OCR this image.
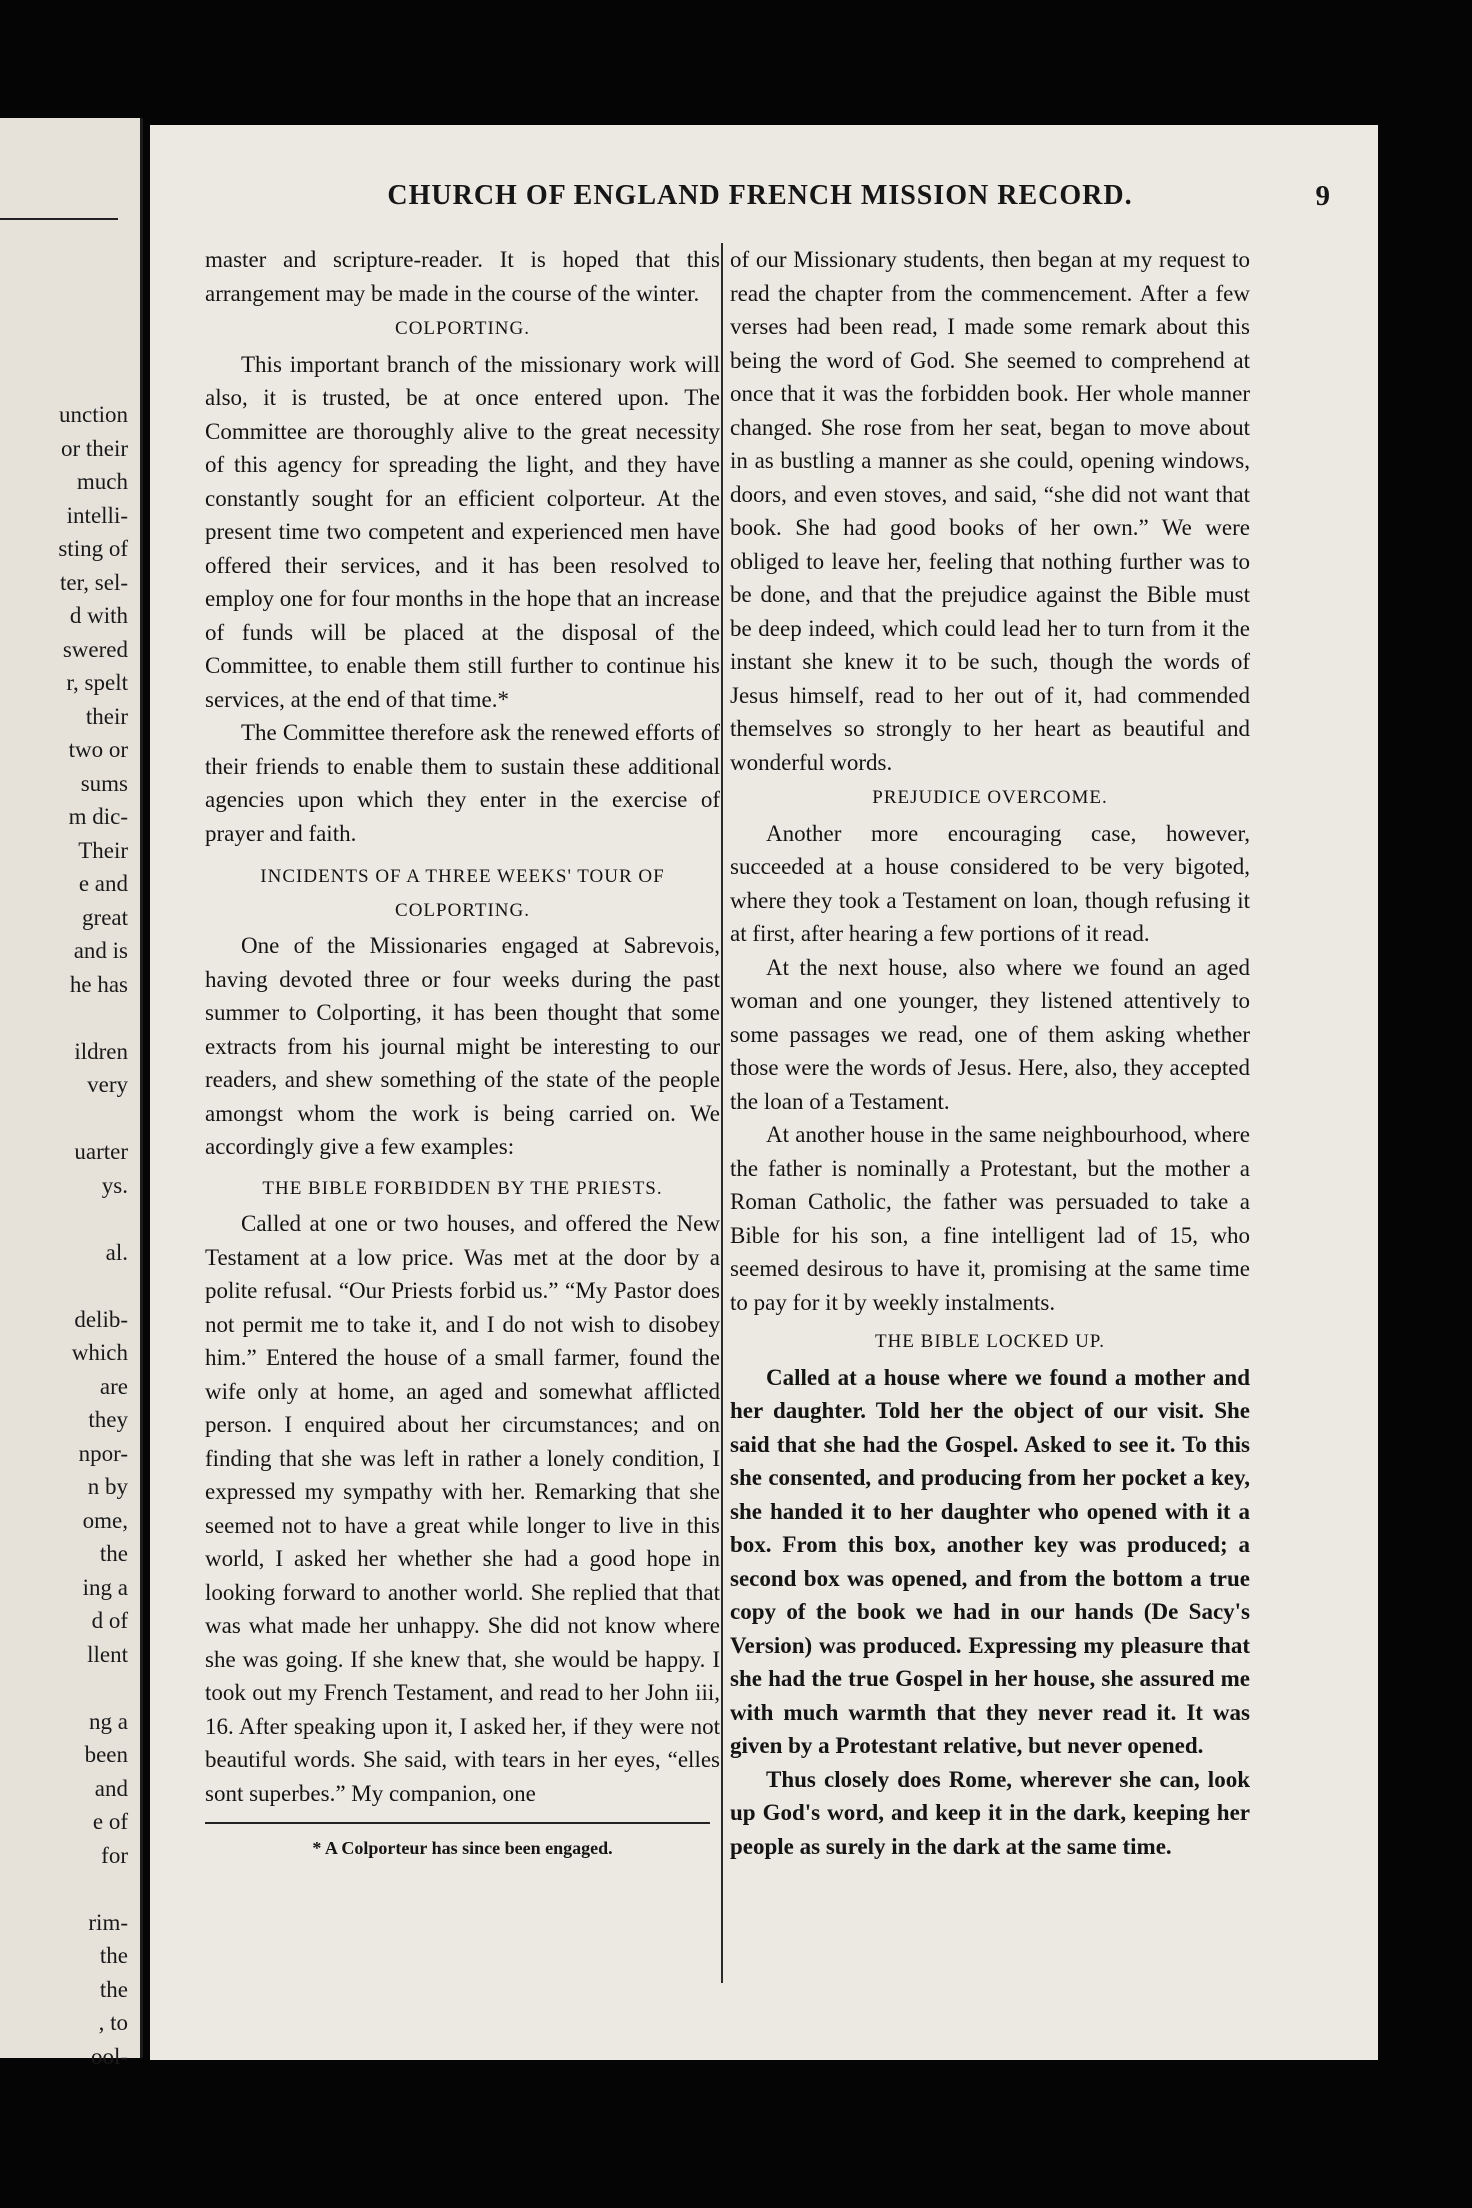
unction
or their
much
intelli-
sting of
ter, sel-
d with
swered
r, spelt
their
two or
sums
m dic-
Their
e and
great
and is
he has

ildren
very

uarter
ys.

al.

delib-
which
are
they
npor-
n by
ome,
the
ing a
d of
llent

ng a
been
and
e of
for

rim-
the
the
, to
ool-
CHURCH OF ENGLAND FRENCH MISSION RECORD.	9

master and scripture-reader. It is hoped that this arrangement may be made in the course of the winter.

COLPORTING.

This important branch of the missionary work will also, it is trusted, be at once entered upon. The Committee are thoroughly alive to the great necessity of this agency for spreading the light, and they have constantly sought for an efficient colporteur. At the present time two competent and experienced men have offered their services, and it has been resolved to employ one for four months in the hope that an increase of funds will be placed at the disposal of the Committee, to enable them still further to continue his services, at the end of that time.*

The Committee therefore ask the renewed efforts of their friends to enable them to sustain these additional agencies upon which they enter in the exercise of prayer and faith.

INCIDENTS OF A THREE WEEKS' TOUR OF COLPORTING.

One of the Missionaries engaged at Sabrevois, having devoted three or four weeks during the past summer to Colporting, it has been thought that some extracts from his journal might be interesting to our readers, and shew something of the state of the people amongst whom the work is being carried on. We accordingly give a few examples:

THE BIBLE FORBIDDEN BY THE PRIESTS.

Called at one or two houses, and offered the New Testament at a low price. Was met at the door by a polite refusal. “Our Priests forbid us.” “My Pastor does not permit me to take it, and I do not wish to disobey him.” Entered the house of a small farmer, found the wife only at home, an aged and somewhat afflicted person. I enquired about her circumstances; and on finding that she was left in rather a lonely condition, I expressed my sympathy with her. Remarking that she seemed not to have a great while longer to live in this world, I asked her whether she had a good hope in looking forward to another world. She replied that that was what made her unhappy. She did not know where she was going. If she knew that, she would be happy. I took out my French Testament, and read to her John iii, 16. After speaking upon it, I asked her, if they were not beautiful words. She said, with tears in her eyes, “elles sont superbes.” My companion, one

* A Colporteur has since been engaged.

of our Missionary students, then began at my request to read the chapter from the commencement. After a few verses had been read, I made some remark about this being the word of God. She seemed to comprehend at once that it was the forbidden book. Her whole manner changed. She rose from her seat, began to move about in as bustling a manner as she could, opening windows, doors, and even stoves, and said, “she did not want that book. She had good books of her own.” We were obliged to leave her, feeling that nothing further was to be done, and that the prejudice against the Bible must be deep indeed, which could lead her to turn from it the instant she knew it to be such, though the words of Jesus himself, read to her out of it, had commended themselves so strongly to her heart as beautiful and wonderful words.

PREJUDICE OVERCOME.

Another more encouraging case, however, succeeded at a house considered to be very bigoted, where they took a Testament on loan, though refusing it at first, after hearing a few portions of it read.

At the next house, also where we found an aged woman and one younger, they listened attentively to some passages we read, one of them asking whether those were the words of Jesus. Here, also, they accepted the loan of a Testament.

At another house in the same neighbourhood, where the father is nominally a Protestant, but the mother a Roman Catholic, the father was persuaded to take a Bible for his son, a fine intelligent lad of 15, who seemed desirous to have it, promising at the same time to pay for it by weekly instalments.

THE BIBLE LOCKED UP.

Called at a house where we found a mother and her daughter. Told her the object of our visit. She said that she had the Gospel. Asked to see it. To this she consented, and producing from her pocket a key, she handed it to her daughter who opened with it a box. From this box, another key was produced; a second box was opened, and from the bottom a true copy of the book we had in our hands (De Sacy's Version) was produced. Expressing my pleasure that she had the true Gospel in her house, she assured me with much warmth that they never read it. It was given by a Protestant relative, but never opened.

Thus closely does Rome, wherever she can, look up God's word, and keep it in the dark, keeping her people as surely in the dark at the same time.
